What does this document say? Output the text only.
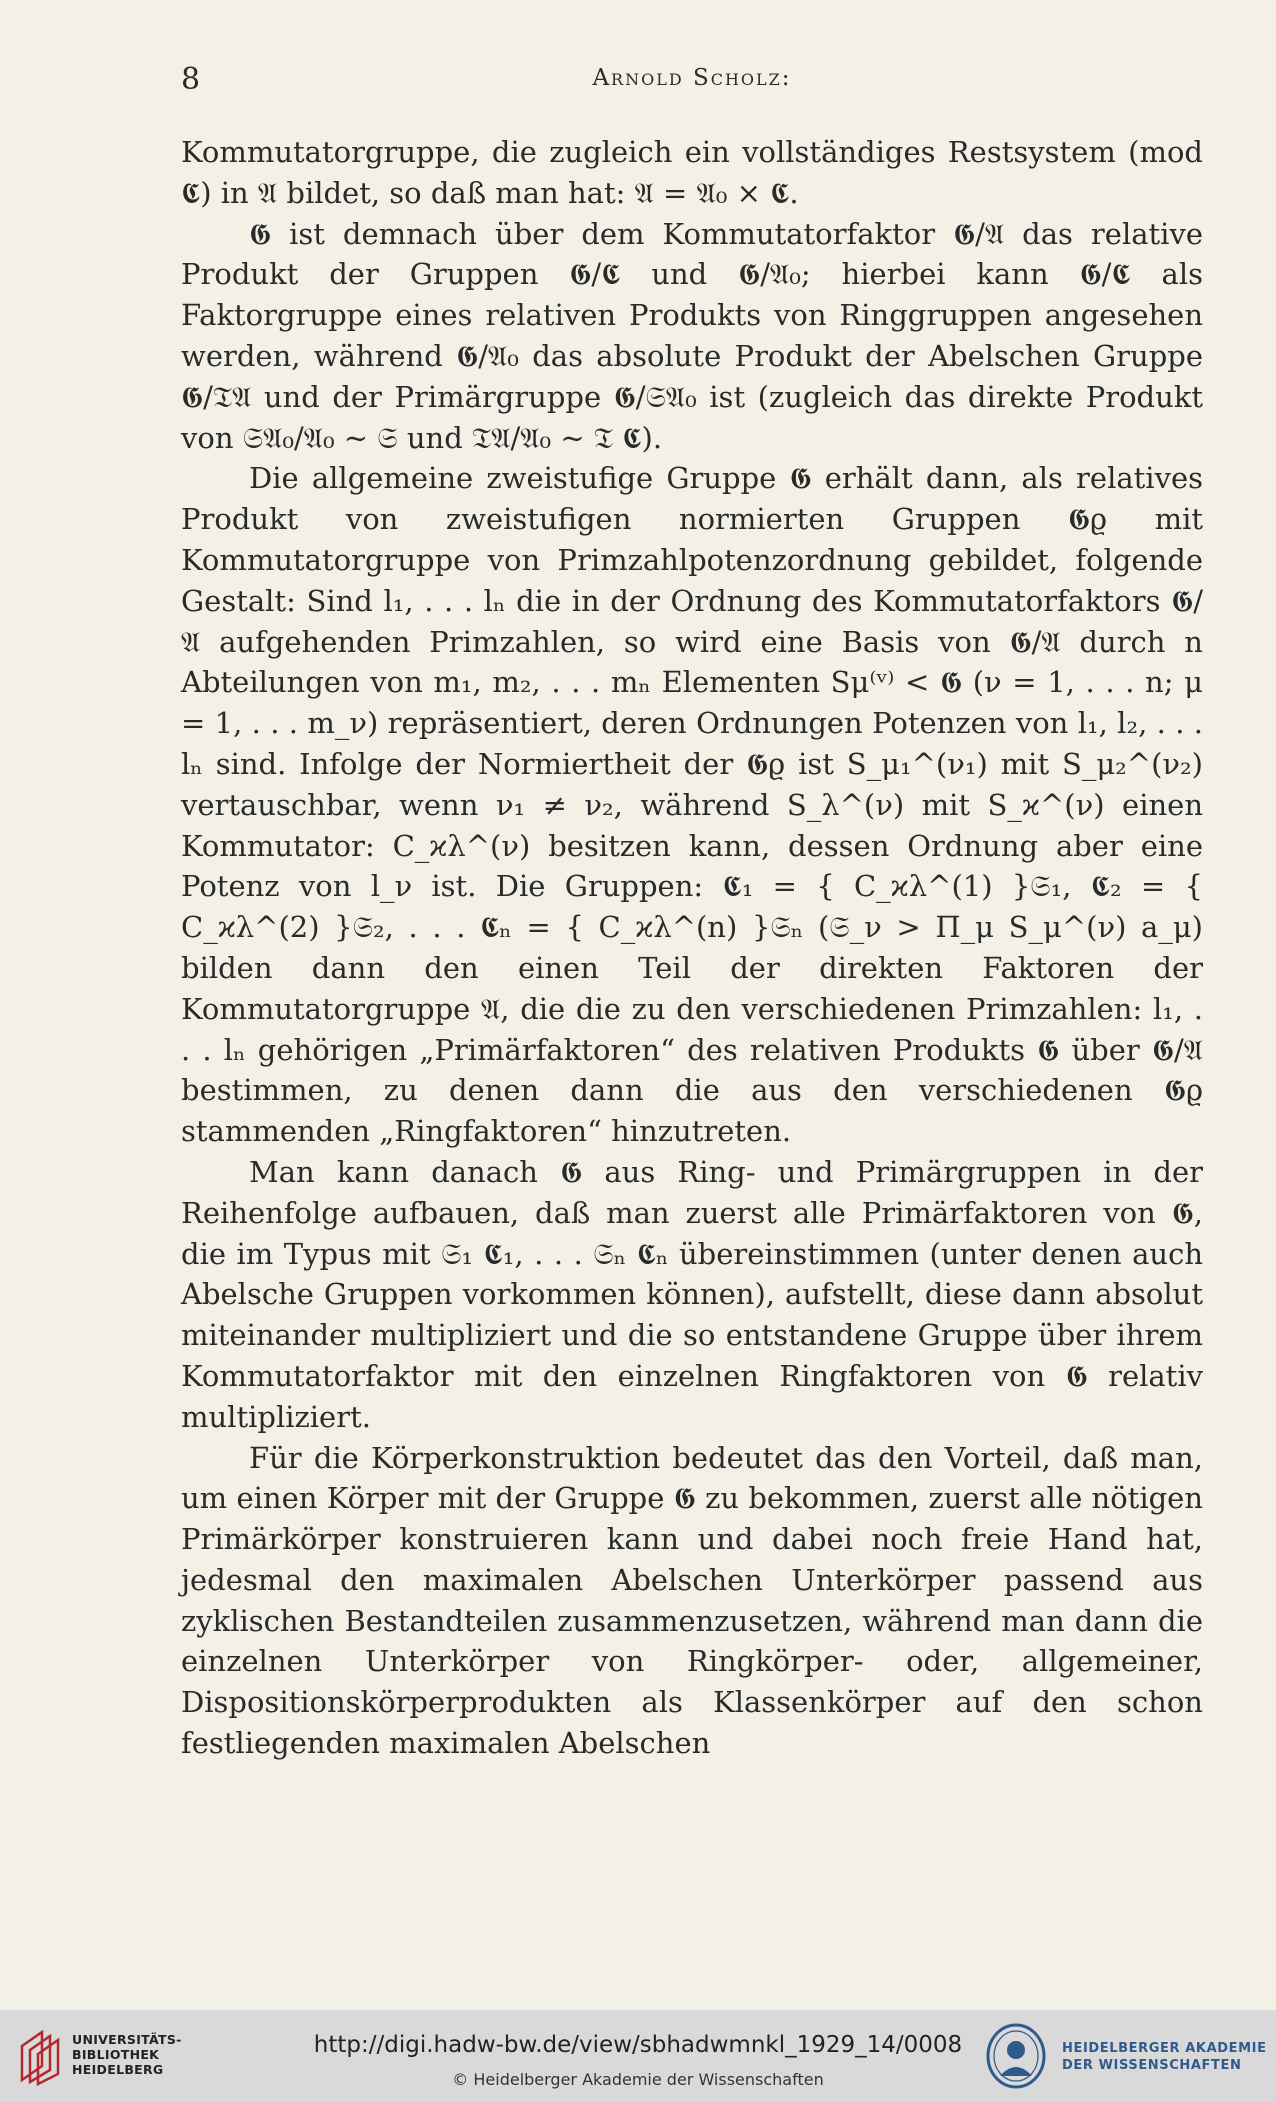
8	Arnold Scholz:

Kommutatorgruppe, die zugleich ein vollständiges Restsystem (mod 𝕮) in 𝔄 bildet, so daß man hat: 𝔄 = 𝔄₀ × 𝕮.

𝕲 ist demnach über dem Kommutatorfaktor 𝕲/𝔄 das relative Produkt der Gruppen 𝕲/𝕮 und 𝕲/𝔄₀; hierbei kann 𝕲/𝕮 als Faktorgruppe eines relativen Produkts von Ringgruppen angesehen werden, während 𝕲/𝔄₀ das absolute Produkt der Abelschen Gruppe 𝕲/𝔗𝔄 und der Primärgruppe 𝕲/𝔖𝔄₀ ist (zugleich das direkte Produkt von 𝔖𝔄₀/𝔄₀ ∼ 𝔖 und 𝔗𝔄/𝔄₀ ∼ 𝔗 𝕮).

Die allgemeine zweistufige Gruppe 𝕲 erhält dann, als relatives Produkt von zweistufigen normierten Gruppen 𝕲ϱ mit Kommutatorgruppe von Primzahlpotenzordnung gebildet, folgende Gestalt: Sind l₁, . . . lₙ die in der Ordnung des Kommutatorfaktors 𝕲/𝔄 aufgehenden Primzahlen, so wird eine Basis von 𝕲/𝔄 durch n Abteilungen von m₁, m₂, . . . mₙ Elementen Sμ⁽ᵛ⁾ < 𝕲 (ν = 1, . . . n; μ = 1, . . . m_ν) repräsentiert, deren Ordnungen Potenzen von l₁, l₂, . . . lₙ sind. Infolge der Normiertheit der 𝕲ϱ ist S_μ₁^(ν₁) mit S_μ₂^(ν₂) vertauschbar, wenn ν₁ ≠ ν₂, während S_λ^(ν) mit S_ϰ^(ν) einen Kommutator: C_ϰλ^(ν) besitzen kann, dessen Ordnung aber eine Potenz von l_ν ist. Die Gruppen: 𝕮₁ = { C_ϰλ^(1) }𝔖₁, 𝕮₂ = { C_ϰλ^(2) }𝔖₂, . . . 𝕮ₙ = { C_ϰλ^(n) }𝔖ₙ (𝔖_ν > Π_μ S_μ^(ν) a_μ) bilden dann den einen Teil der direkten Faktoren der Kommutatorgruppe 𝔄, die die zu den verschiedenen Primzahlen: l₁, . . . lₙ gehörigen „Primärfaktoren“ des relativen Produkts 𝕲 über 𝕲/𝔄 bestimmen, zu denen dann die aus den verschiedenen 𝕲ϱ stammenden „Ringfaktoren“ hinzutreten.

Man kann danach 𝕲 aus Ring- und Primärgruppen in der Reihenfolge aufbauen, daß man zuerst alle Primärfaktoren von 𝕲, die im Typus mit 𝔖₁ 𝕮₁, . . . 𝔖ₙ 𝕮ₙ übereinstimmen (unter denen auch Abelsche Gruppen vorkommen können), aufstellt, diese dann absolut miteinander multipliziert und die so entstandene Gruppe über ihrem Kommutatorfaktor mit den einzelnen Ringfaktoren von 𝕲 relativ multipliziert.

Für die Körperkonstruktion bedeutet das den Vorteil, daß man, um einen Körper mit der Gruppe 𝕲 zu bekommen, zuerst alle nötigen Primärkörper konstruieren kann und dabei noch freie Hand hat, jedesmal den maximalen Abelschen Unterkörper passend aus zyklischen Bestandteilen zusammenzusetzen, während man dann die einzelnen Unterkörper von Ringkörper- oder, allgemeiner, Dispositionskörperprodukten als Klassenkörper auf den schon festliegenden maximalen Abelschen

UNIVERSITÄTS-
BIBLIOTHEK
HEIDELBERG
http://digi.hadw-bw.de/view/sbhadwmnkl_1929_14/0008
© Heidelberger Akademie der Wissenschaften
HEIDELBERGER AKADEMIE
DER WISSENSCHAFTEN
